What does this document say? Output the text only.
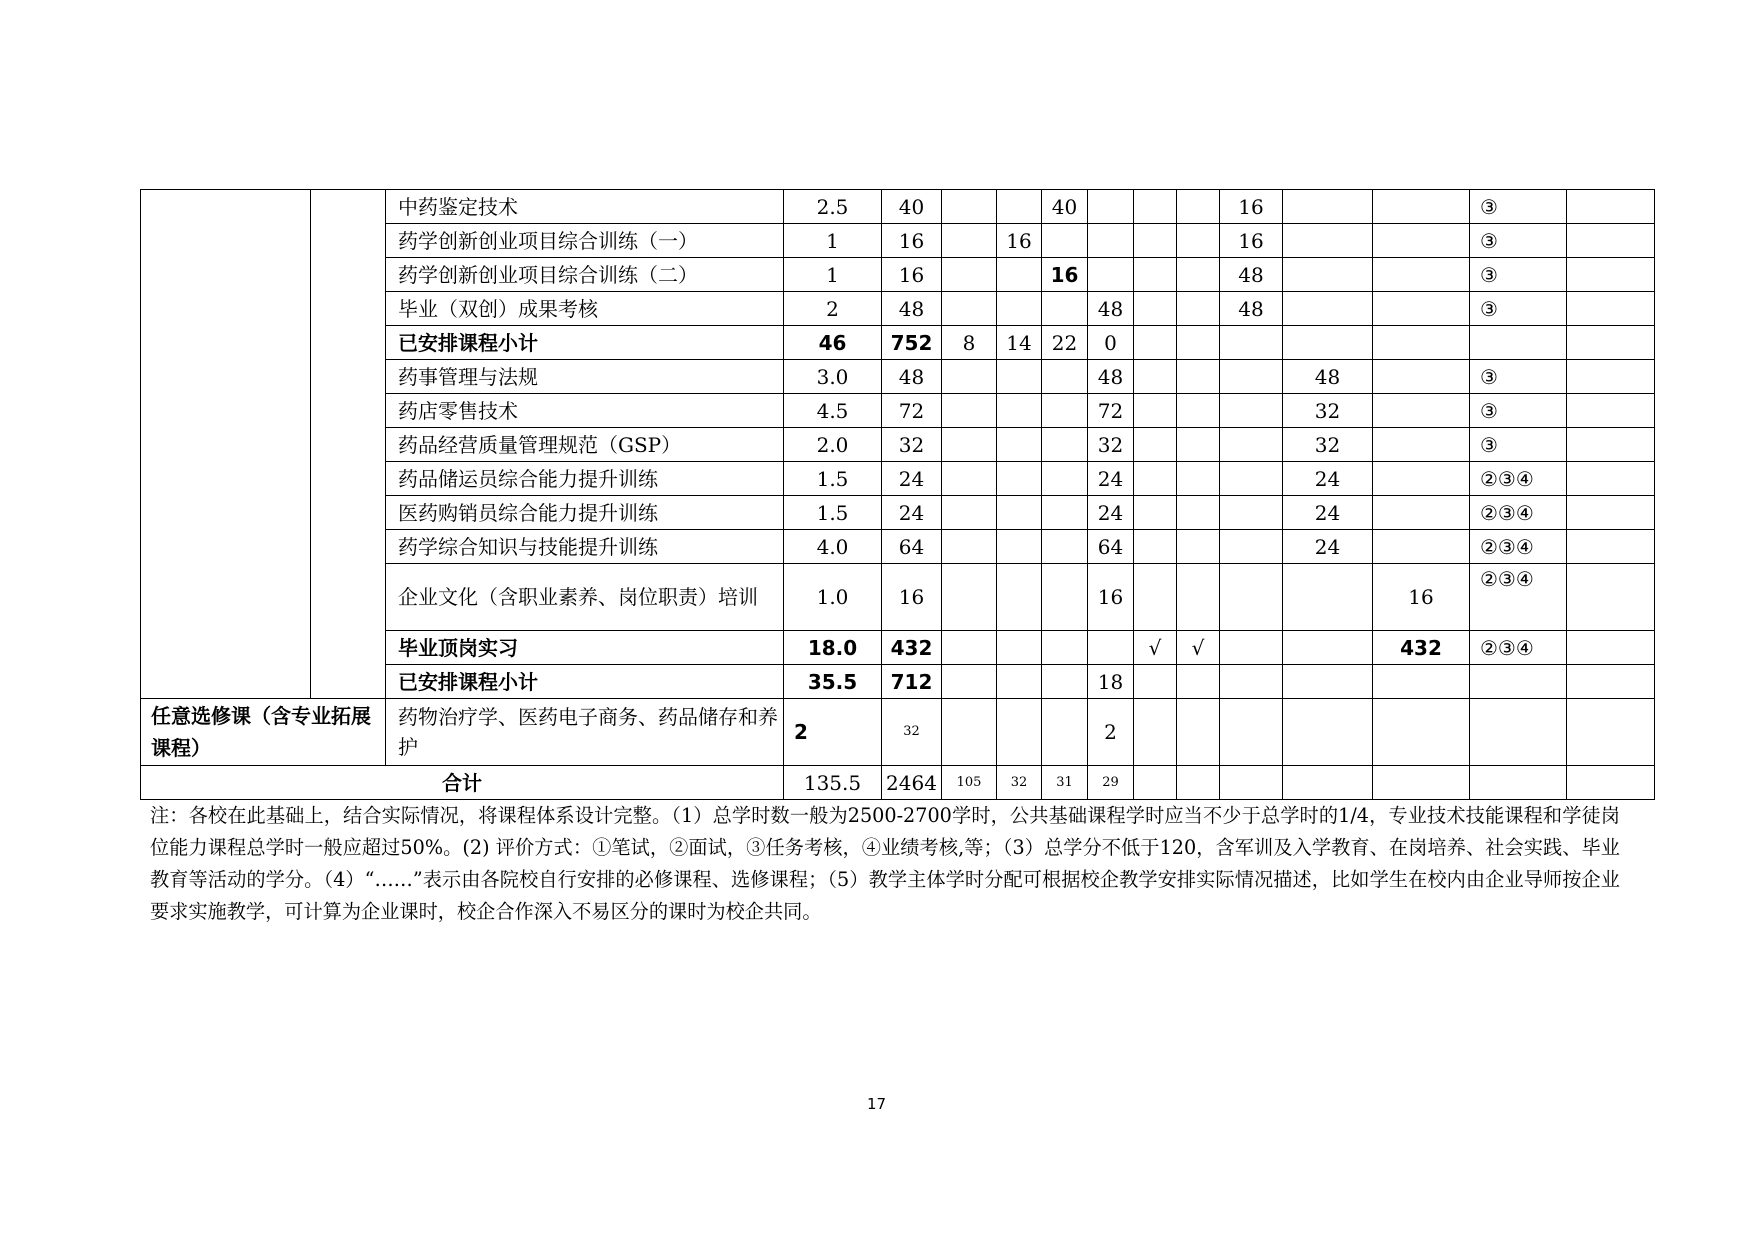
		中药鉴定技术	2.5	40			40				16			③	
		药学创新创业项目综合训练（一）	1	16		16					16			③	
		药学创新创业项目综合训练（二）	1	16			16				48			③	
		毕业（双创）成果考核	2	48				48			48			③	
		已安排课程小计	46	752	8	14	22	0							
		药事管理与法规	3.0	48				48				48		③	
		药店零售技术	4.5	72				72				32		③	
		药品经营质量管理规范（GSP）	2.0	32				32				32		③	
		药品储运员综合能力提升训练	1.5	24				24				24		②③④	
		医药购销员综合能力提升训练	1.5	24				24				24		②③④	
		药学综合知识与技能提升训练	4.0	64				64				24		②③④	
		企业文化（含职业素养、岗位职责）培训	1.0	16				16					16	②③④	
		毕业顶岗实习	18.0	432					√	√			432	②③④	
		已安排课程小计	35.5	712				18							
任意选修课（含专业拓展课程）		药物治疗学、医药电子商务、药品储存和养护	2	32				2							
合计			135.5	2464	105	32	31	29							
注：各校在此基础上，结合实际情况，将课程体系设计完整。（1）总学时数一般为2500-2700学时，公共基础课程学时应当不少于总学时的1/4，专业技术技能课程和学徒岗位能力课程总学时一般应超过50%。(2) 评价方式：①笔试，②面试，③任务考核，④业绩考核,等；（3）总学分不低于120，含军训及入学教育、在岗培养、社会实践、毕业教育等活动的学分。（4）“……”表示由各院校自行安排的必修课程、选修课程；（5）教学主体学时分配可根据校企教学安排实际情况描述，比如学生在校内由企业导师按企业要求实施教学，可计算为企业课时，校企合作深入不易区分的课时为校企共同。
17
